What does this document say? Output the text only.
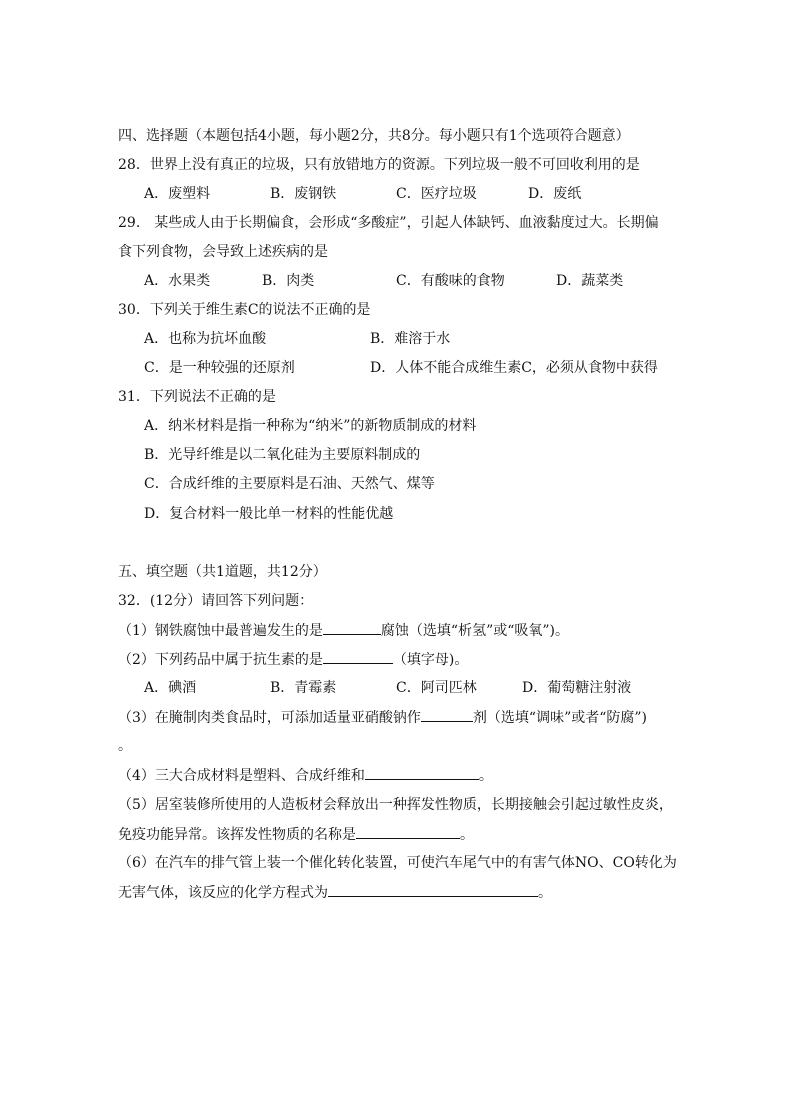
四、选择题（本题包括4小题，每小题2分，共8分。每小题只有1个选项符合题意）
28．世界上没有真正的垃圾，只有放错地方的资源。下列垃圾一般不可回收利用的是
A．废塑料	B．废钢铁	C．医疗垃圾	D．废纸
29.　某些成人由于长期偏食，会形成“多酸症”，引起人体缺钙、血液黏度过大。长期偏
食下列食物，会导致上述疾病的是
A．水果类	B．肉类	C．有酸味的食物	D．蔬菜类
30．下列关于维生素C的说法不正确的是
A．也称为抗坏血酸	B．难溶于水
C．是一种较强的还原剂	D．人体不能合成维生素C，必须从食物中获得
31．下列说法不正确的是
A．纳米材料是指一种称为“纳米”的新物质制成的材料
B．光导纤维是以二氧化硅为主要原料制成的
C．合成纤维的主要原料是石油、天然气、煤等
D．复合材料一般比单一材料的性能优越
五、填空题（共1道题，共12分）
32．(12分）请回答下列问题：
（1）钢铁腐蚀中最普遍发生的是	腐蚀（选填“析氢”或“吸氧”)。
（2）下列药品中属于抗生素的是	（填字母)。
A．碘酒	B．青霉素	C．阿司匹林	D．葡萄糖注射液
（3）在腌制肉类食品时，可添加适量亚硝酸钠作	剂（选填“调味”或者“防腐”)
。
（4）三大合成材料是塑料、合成纤维和	。
（5）居室装修所使用的人造板材会释放出一种挥发性物质，长期接触会引起过敏性皮炎，
免疫功能异常。该挥发性物质的名称是	。
（6）在汽车的排气管上装一个催化转化装置，可使汽车尾气中的有害气体NO、CO转化为
无害气体，该反应的化学方程式为	。
